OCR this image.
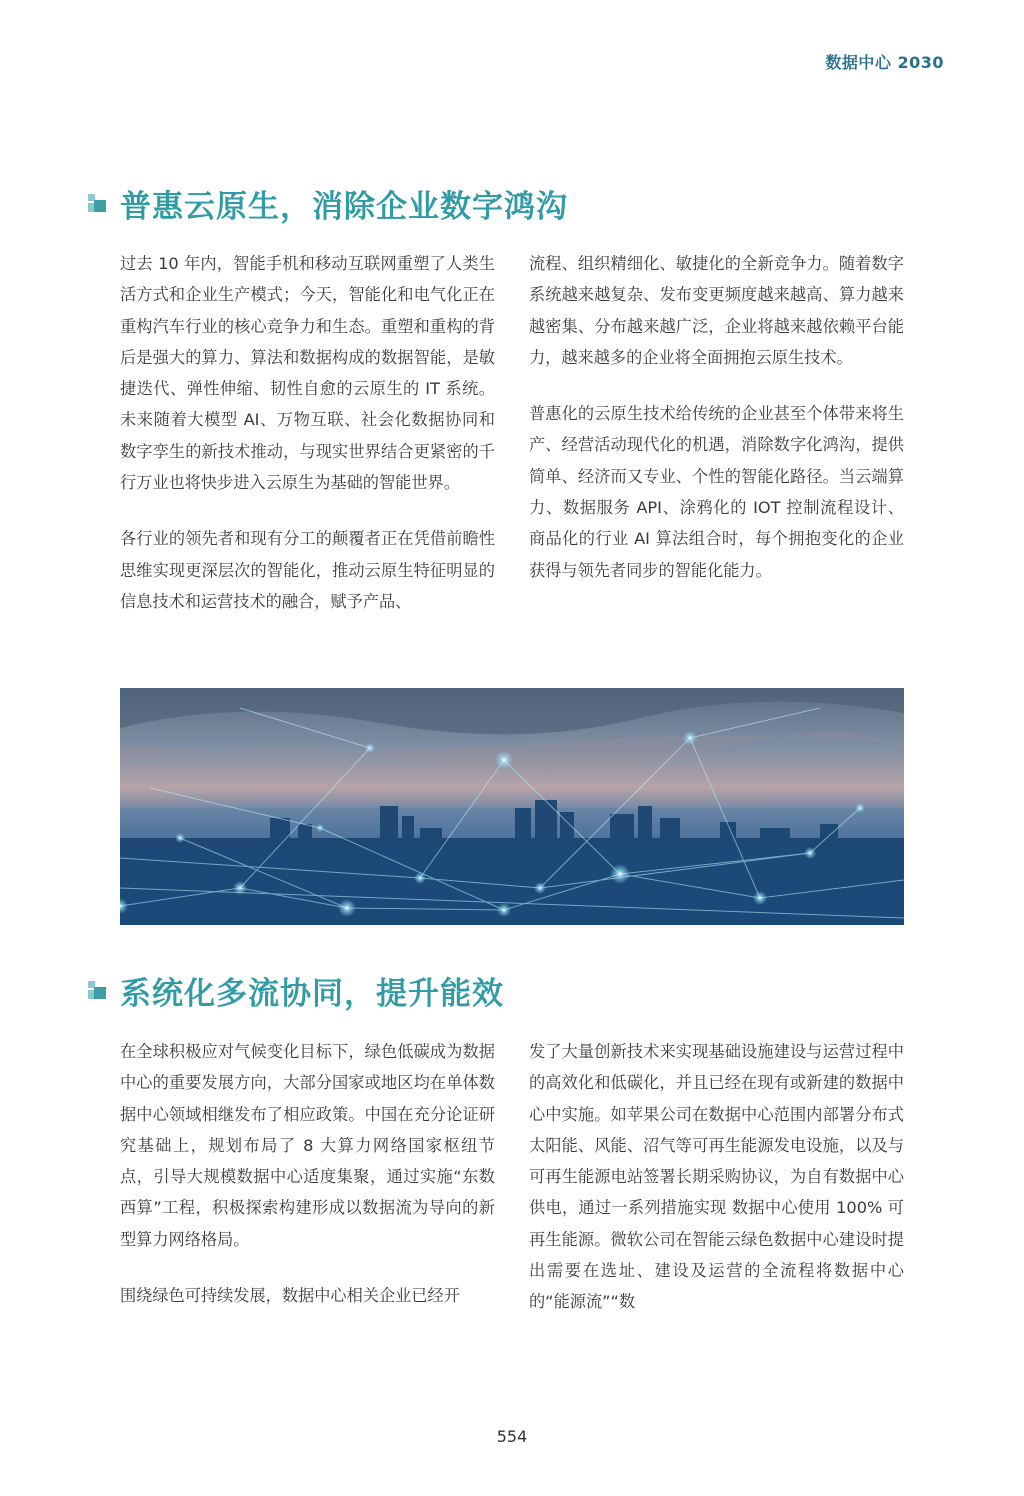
数据中心 2030
普惠云原生，消除企业数字鸿沟

过去 10 年内，智能手机和移动互联网重塑了人类生活方式和企业生产模式；今天，智能化和电气化正在重构汽车行业的核心竞争力和生态。重塑和重构的背后是强大的算力、算法和数据构成的数据智能，是敏捷迭代、弹性伸缩、韧性自愈的云原生的 IT 系统。未来随着大模型 AI、万物互联、社会化数据协同和数字孪生的新技术推动，与现实世界结合更紧密的千行万业也将快步进入云原生为基础的智能世界。

各行业的领先者和现有分工的颠覆者正在凭借前瞻性思维实现更深层次的智能化，推动云原生特征明显的信息技术和运营技术的融合，赋予产品、

流程、组织精细化、敏捷化的全新竞争力。随着数字系统越来越复杂、发布变更频度越来越高、算力越来越密集、分布越来越广泛，企业将越来越依赖平台能力，越来越多的企业将全面拥抱云原生技术。

普惠化的云原生技术给传统的企业甚至个体带来将生产、经营活动现代化的机遇，消除数字化鸿沟，提供简单、经济而又专业、个性的智能化路径。当云端算力、数据服务 API、涂鸦化的 IOT 控制流程设计、商品化的行业 AI 算法组合时，每个拥抱变化的企业获得与领先者同步的智能化能力。

系统化多流协同，提升能效

在全球积极应对气候变化目标下，绿色低碳成为数据中心的重要发展方向，大部分国家或地区均在单体数据中心领域相继发布了相应政策。中国在充分论证研究基础上，规划布局了 8 大算力网络国家枢纽节点，引导大规模数据中心适度集聚，通过实施“东数西算”工程，积极探索构建形成以数据流为导向的新型算力网络格局。

围绕绿色可持续发展，数据中心相关企业已经开

发了大量创新技术来实现基础设施建设与运营过程中的高效化和低碳化，并且已经在现有或新建的数据中心中实施。如苹果公司在数据中心范围内部署分布式太阳能、风能、沼气等可再生能源发电设施，以及与可再生能源电站签署长期采购协议，为自有数据中心供电，通过一系列措施实现 数据中心使用 100% 可再生能源。微软公司在智能云绿色数据中心建设时提出需要在选址、建设及运营的全流程将数据中心的“能源流”“数

554
